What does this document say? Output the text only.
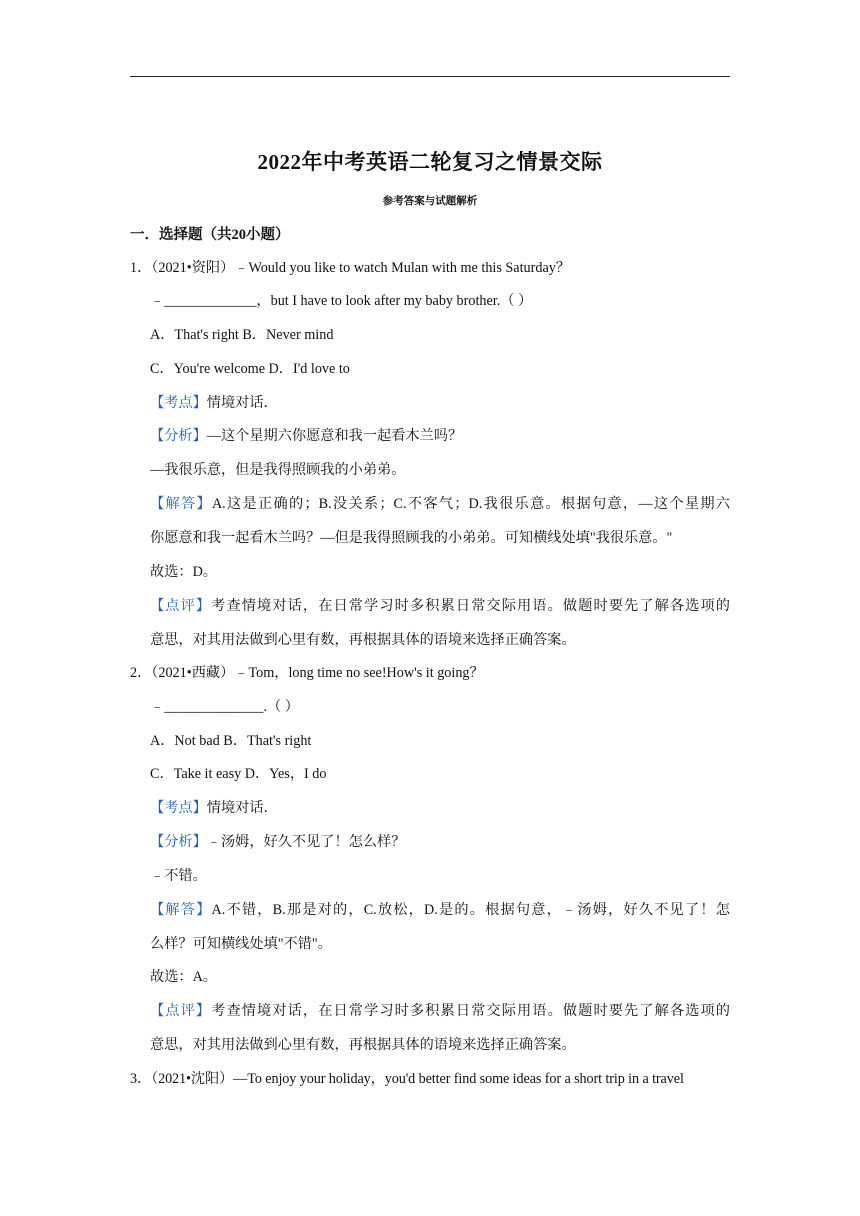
2022年中考英语二轮复习之情景交际
参考答案与试题解析
一．选择题（共20小题）
1．（2021•资阳）﹣Would you like to watch Mulan with me this Saturday？
﹣_____________，but I have to look after my baby brother.（ ）
A．That's right B．Never mind
C．You're welcome D．I'd love to
【考点】情境对话．
【分析】—这个星期六你愿意和我一起看木兰吗？
—我很乐意，但是我得照顾我的小弟弟。
【解答】A.这是正确的；B.没关系；C.不客气；D.我很乐意。根据句意，—这个星期六
你愿意和我一起看木兰吗？—但是我得照顾我的小弟弟。可知横线处填"我很乐意。"
故选：D。
【点评】考查情境对话，在日常学习时多积累日常交际用语。做题时要先了解各选项的
意思，对其用法做到心里有数，再根据具体的语境来选择正确答案。
2．（2021•西藏）﹣Tom，long time no see!How's it going？
﹣______________.（ ）
A．Not bad B．That's right
C．Take it easy D．Yes，I do
【考点】情境对话．
【分析】﹣汤姆，好久不见了！怎么样？
﹣不错。
【解答】A.不错，B.那是对的，C.放松，D.是的。根据句意，﹣汤姆，好久不见了！怎
么样？可知横线处填"不错"。
故选：A。
【点评】考查情境对话，在日常学习时多积累日常交际用语。做题时要先了解各选项的
意思，对其用法做到心里有数，再根据具体的语境来选择正确答案。
3．（2021•沈阳）—To enjoy your holiday，you'd better find some ideas for a short trip in a travel
